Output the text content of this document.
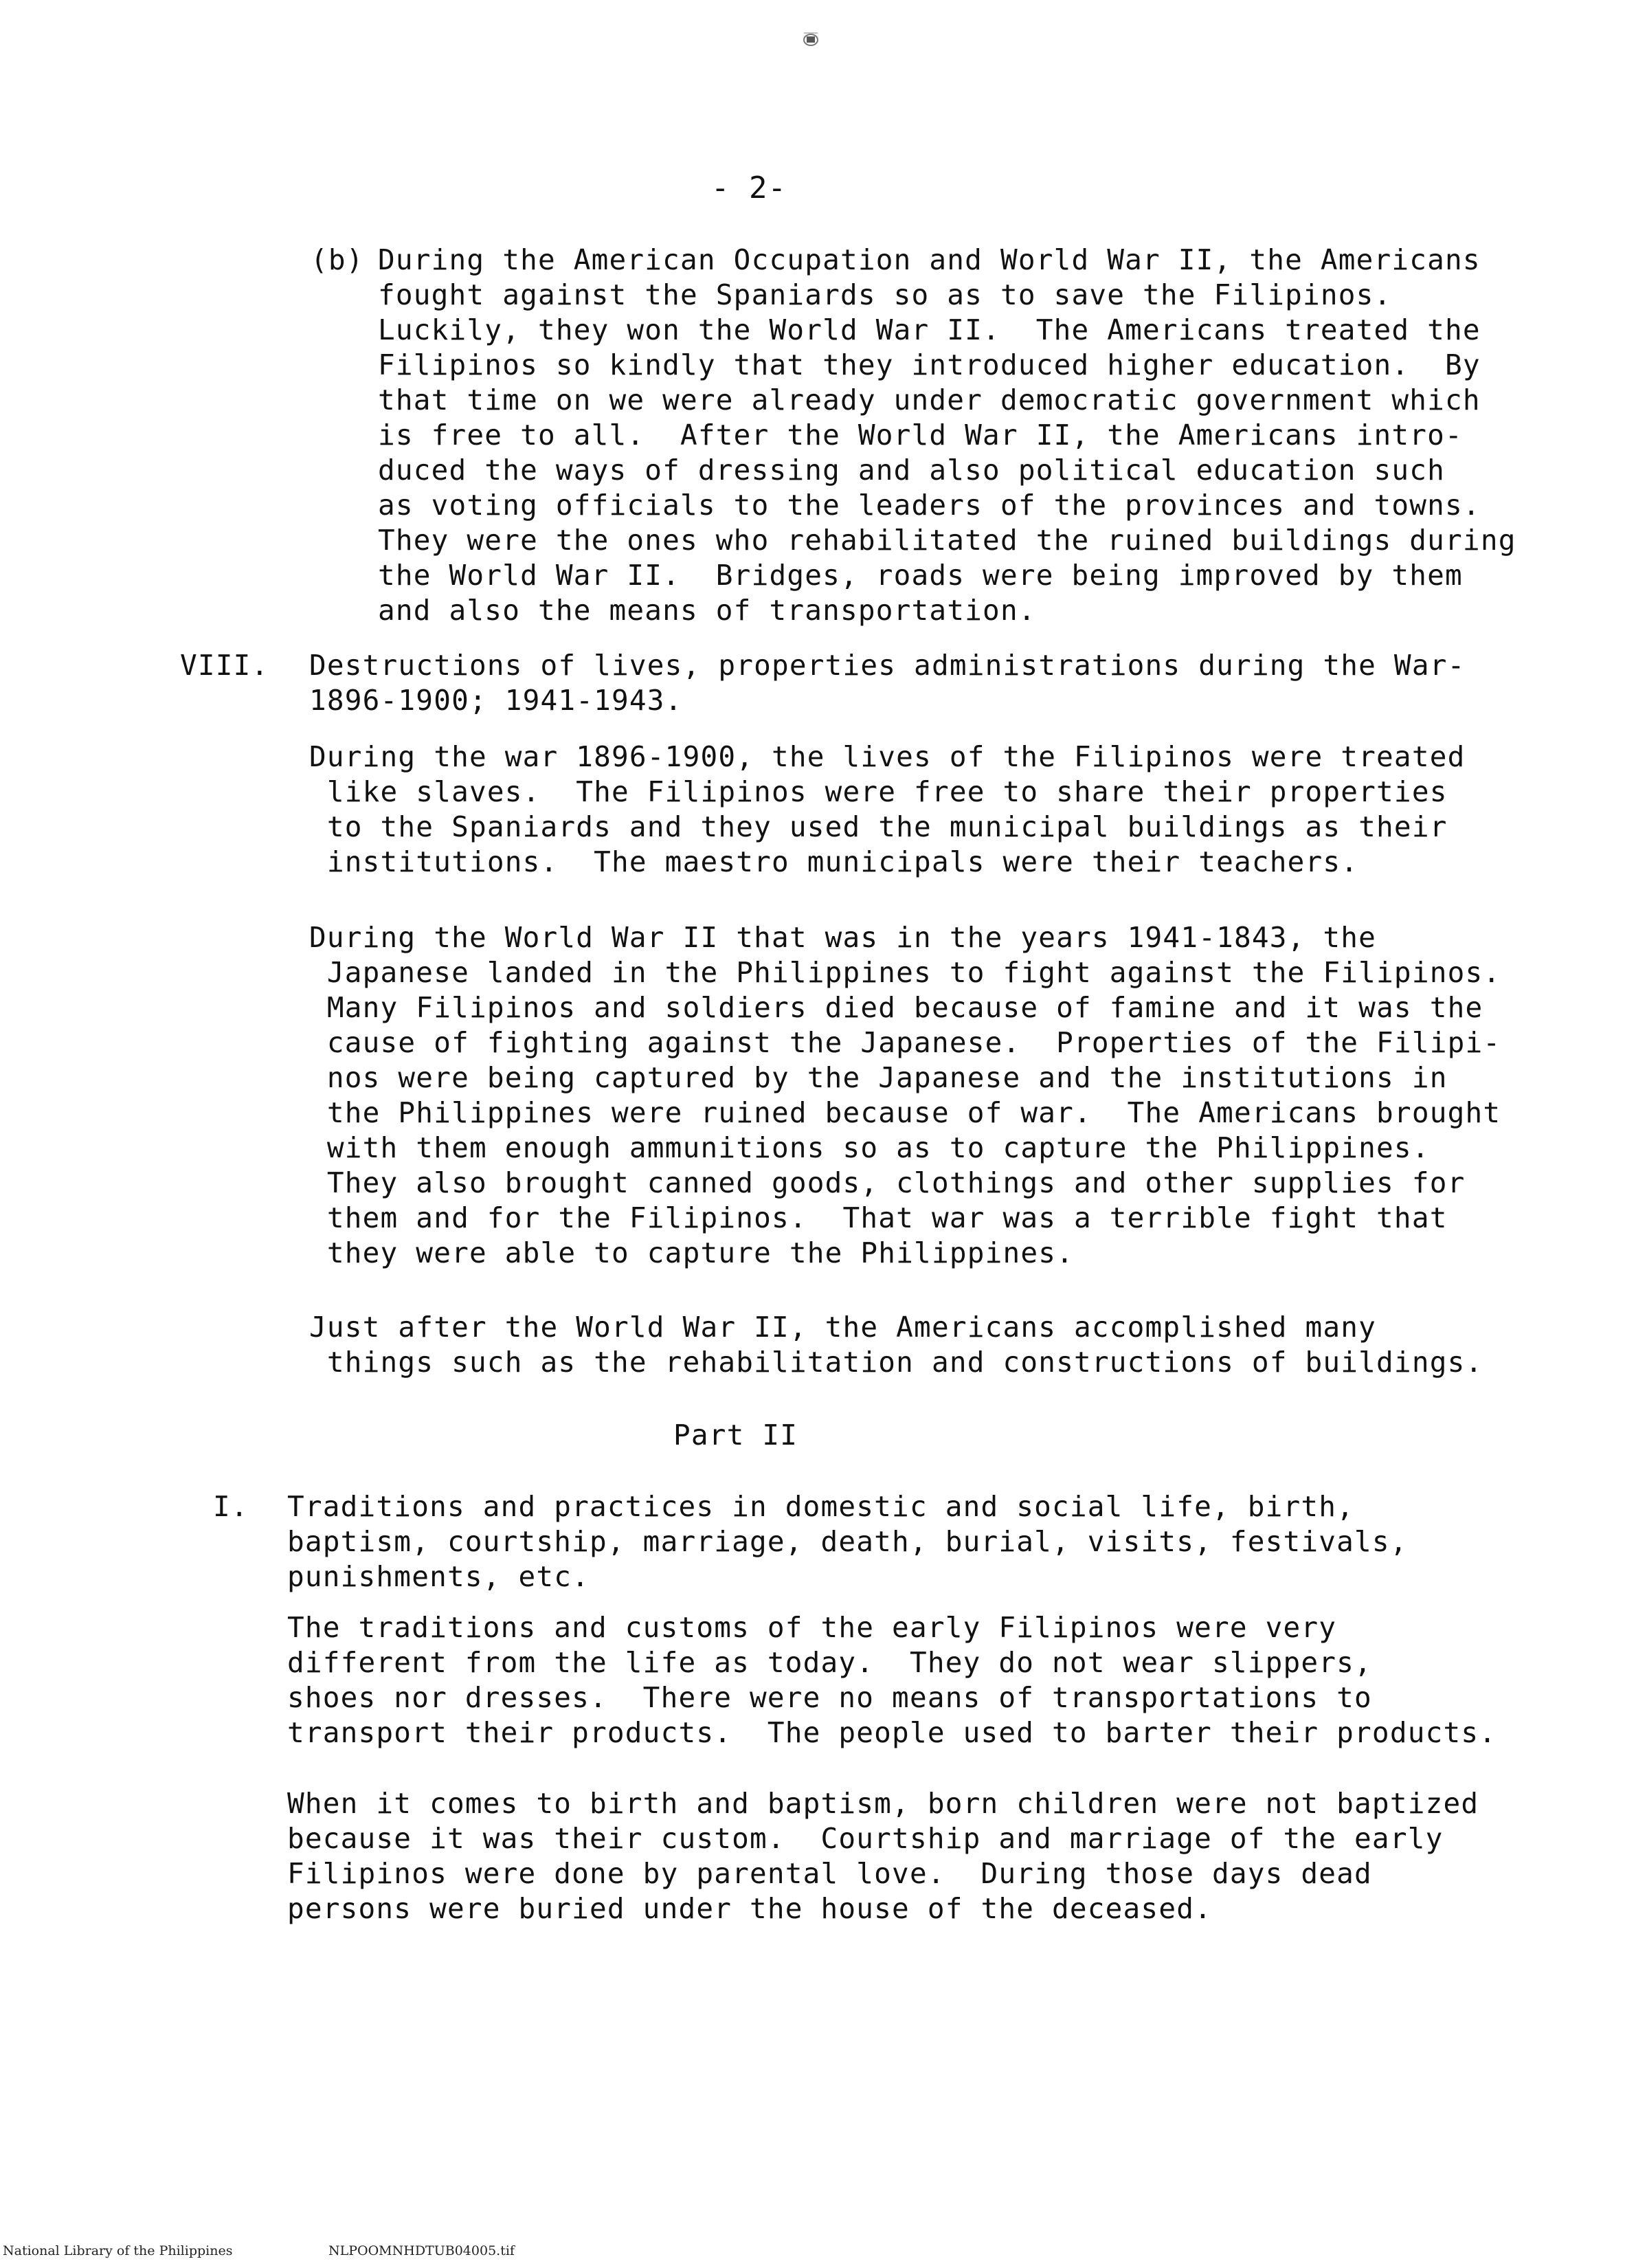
- 2-
(b) During the American Occupation and World War II, the Americans
fought against the Spaniards so as to save the Filipinos.
Luckily, they won the World War II.  The Americans treated the
Filipinos so kindly that they introduced higher education.  By
that time on we were already under democratic government which
is free to all.  After the World War II, the Americans intro-
duced the ways of dressing and also political education such
as voting officials to the leaders of the provinces and towns.
They were the ones who rehabilitated the ruined buildings during
the World War II.  Bridges, roads were being improved by them
and also the means of transportation.
VIII. Destructions of lives, properties administrations during the War-
1896-1900; 1941-1943.
During the war 1896-1900, the lives of the Filipinos were treated
like slaves.  The Filipinos were free to share their properties
to the Spaniards and they used the municipal buildings as their
institutions.  The maestro municipals were their teachers.
During the World War II that was in the years 1941-1843, the
Japanese landed in the Philippines to fight against the Filipinos.
Many Filipinos and soldiers died because of famine and it was the
cause of fighting against the Japanese.  Properties of the Filipi-
nos were being captured by the Japanese and the institutions in
the Philippines were ruined because of war.  The Americans brought
with them enough ammunitions so as to capture the Philippines.
They also brought canned goods, clothings and other supplies for
them and for the Filipinos.  That war was a terrible fight that
they were able to capture the Philippines.
Just after the World War II, the Americans accomplished many
things such as the rehabilitation and constructions of buildings.
Part II
I. Traditions and practices in domestic and social life, birth,
baptism, courtship, marriage, death, burial, visits, festivals,
punishments, etc.
The traditions and customs of the early Filipinos were very
different from the life as today.  They do not wear slippers,
shoes nor dresses.  There were no means of transportations to
transport their products.  The people used to barter their products.
When it comes to birth and baptism, born children were not baptized
because it was their custom.  Courtship and marriage of the early
Filipinos were done by parental love.  During those days dead
persons were buried under the house of the deceased.
National Library of the Philippines	NLPOOMNHDTUB04005.tif
